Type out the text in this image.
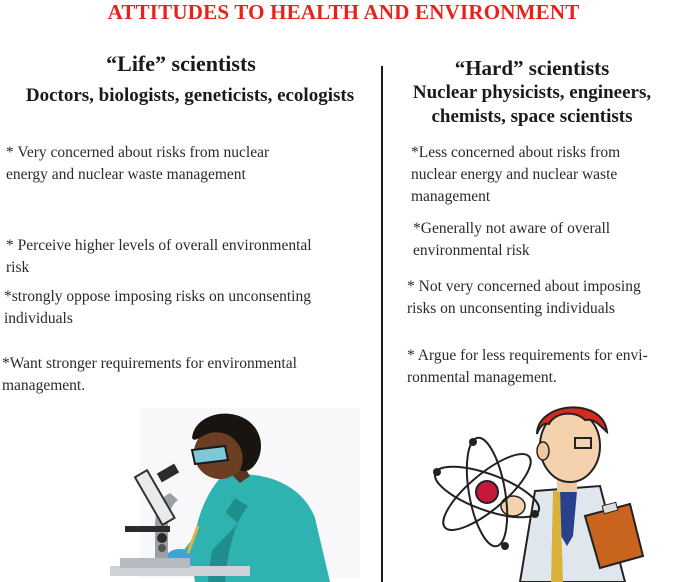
ATTITUDES TO HEALTH AND ENVIRONMENT
“Life” scientists
Doctors, biologists, geneticists, ecologists
“Hard” scientists
Nuclear physicists, engineers,
chemists, space scientists
* Very concerned about risks from nuclear
energy and nuclear waste management
* Perceive higher levels of overall environmental
risk
*strongly oppose imposing risks on unconsenting
individuals
*Want stronger requirements for environmental
management.
*Less concerned about risks from
nuclear energy and nuclear waste
management
*Generally not aware of overall
environmental risk
* Not very concerned about imposing
risks on unconsenting individuals
* Argue for less requirements for envi-
ronmental management.
